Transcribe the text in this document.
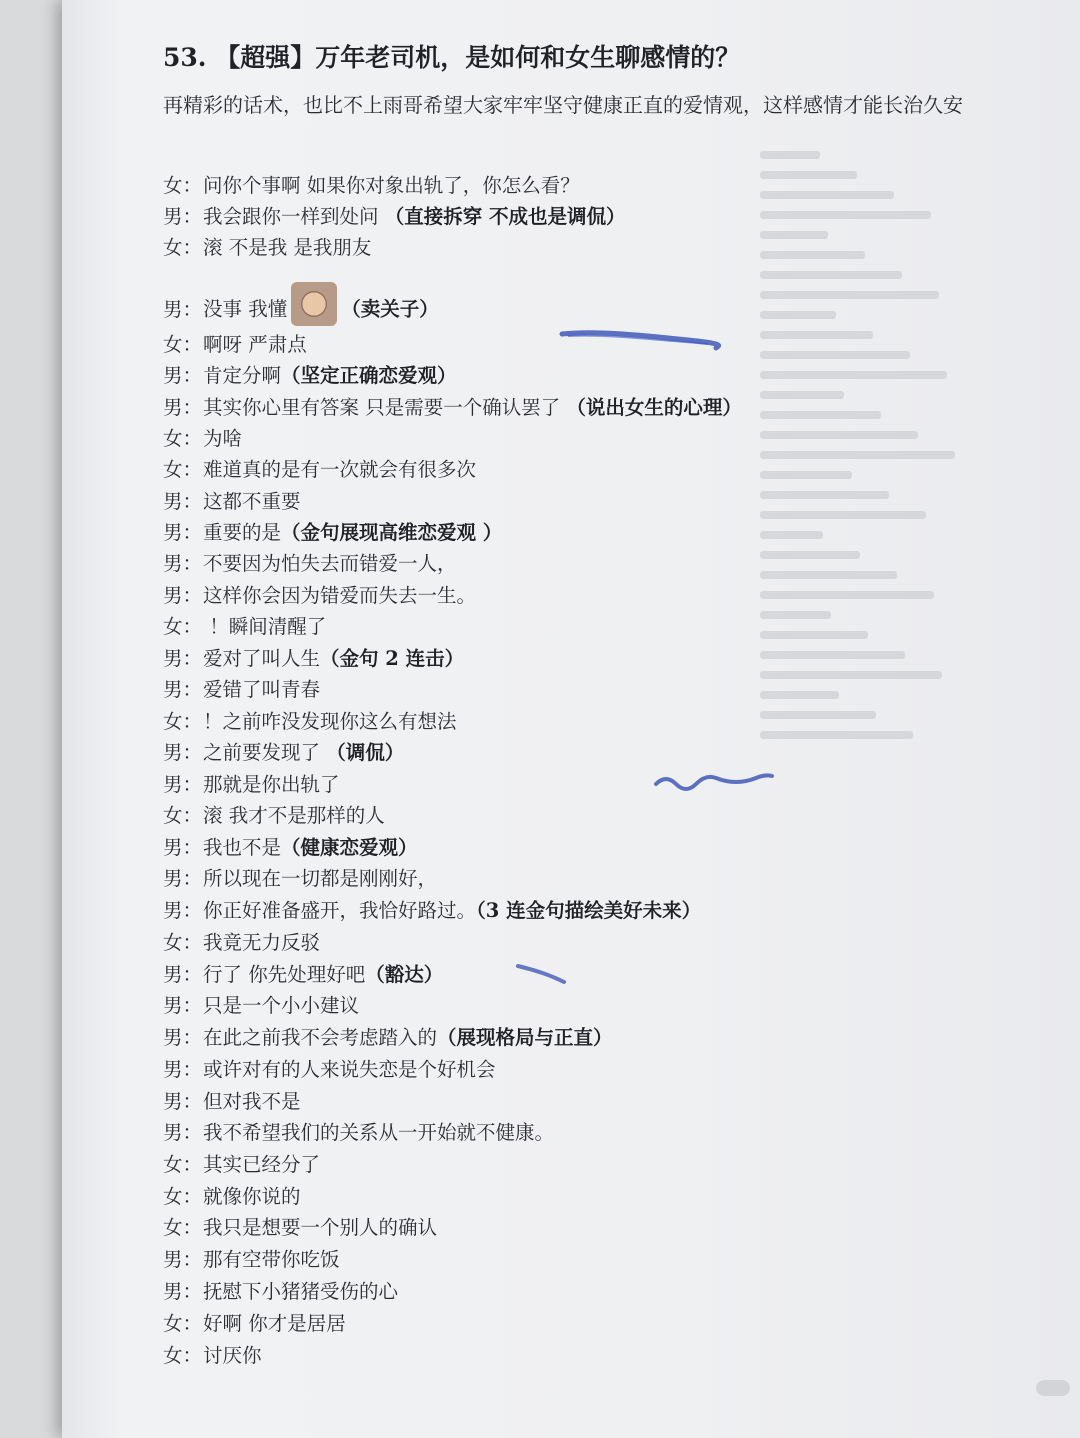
53. 【超强】万年老司机，是如何和女生聊感情的？
再精彩的话术，也比不上雨哥希望大家牢牢坚守健康正直的爱情观，这样感情才能长治久安
女：问你个事啊 如果你对象出轨了，你怎么看？
男：我会跟你一样到处问 （直接拆穿 不成也是调侃）
女：滚 不是我 是我朋友
男：没事 我懂	（卖关子）
女：啊呀 严肃点
男：肯定分啊（坚定正确恋爱观）
男：其实你心里有答案 只是需要一个确认罢了 （说出女生的心理）
女：为啥
女：难道真的是有一次就会有很多次
男：这都不重要
男：重要的是（金句展现高维恋爱观 ）
男：不要因为怕失去而错爱一人，
男：这样你会因为错爱而失去一生。
女： ！瞬间清醒了
男：爱对了叫人生（金句 2 连击）
男：爱错了叫青春
女：！之前咋没发现你这么有想法
男：之前要发现了 （调侃）
男：那就是你出轨了
女：滚 我才不是那样的人
男：我也不是（健康恋爱观）
男：所以现在一切都是刚刚好，
男：你正好准备盛开，我恰好路过。（3 连金句描绘美好未来）
女：我竟无力反驳
男：行了 你先处理好吧（豁达）
男：只是一个小小建议
男：在此之前我不会考虑踏入的（展现格局与正直）
男：或许对有的人来说失恋是个好机会
男：但对我不是
男：我不希望我们的关系从一开始就不健康。
女：其实已经分了
女：就像你说的
女：我只是想要一个别人的确认
男：那有空带你吃饭
男：抚慰下小猪猪受伤的心
女：好啊 你才是居居
女：讨厌你
